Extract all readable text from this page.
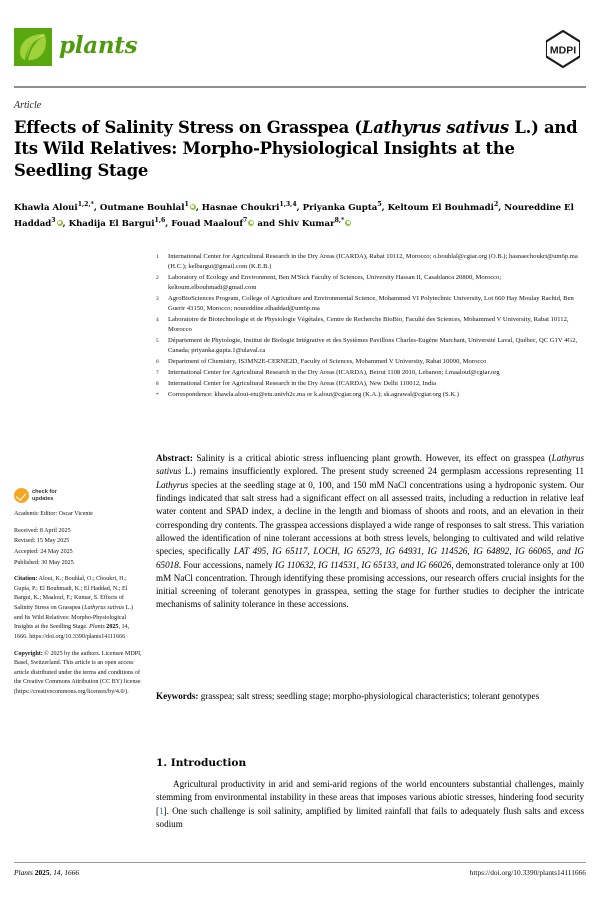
plants	MDPI
Article
Effects of Salinity Stress on Grasspea (Lathyrus sativus L.) and Its Wild Relatives: Morpho-Physiological Insights at the Seedling Stage
Khawla Aloui$^{1,2,*}$, Outmane Bouhlal$^1$ , Hasnae Choukri$^{1,3,4}$, Priyanka Gupta$^5$, Keltoum El Bouhmadi$^2$, Noureddine El Haddad$^3$ , Khadija El Bargui$^{1,6}$, Fouad Maalouf$^7$ and Shiv Kumar$^{8,*}$
1	International Center for Agricultural Research in the Dry Areas (ICARDA), Rabat 10112, Morocco; o.bouhlal@cgiar.org (O.B.); hasnaechoukri@um6p.ma (H.C.); kelbargui@gmail.com (K.E.B.)
2	Laboratory of Ecology and Environment, Ben M'Sick Faculty of Sciences, University Hassan II, Casablanca 20800, Morocco; keltoum.elbouhmadi@gmail.com
3	AgroBioSciences Program, College of Agriculture and Environmental Science, Mohammed VI Polytechnic University, Lot 660 Hay Moulay Rachid, Ben Guerir 43150, Morocco; noureddine.elhaddad@um6p.ma
4	Laboratoire de Biotechnologie et de Physiologie Végétales, Centre de Recherche BioBio, Faculté des Sciences, Mohammed V University, Rabat 10112, Morocco
5	Département de Phytologie, Institut de Biologie Intégrative et des Systèmes Pavillons Charles-Eugène Marchant, Université Laval, Québec, QC G1V 4G2, Canada; priyanka.gupta.1@ulaval.ca
6	Department of Chemistry, IS3MN2E-CERNE2D, Faculty of Sciences, Mohammed V University, Rabat 10090, Morocco
7	International Center for Agricultural Research in the Dry Areas (ICARDA), Beirut 1108 2010, Lebanon; f.maalouf@cgiar.org
8	International Center for Agricultural Research in the Dry Areas (ICARDA), New Delhi 110012, India
*	Correspondence: khawla.aloui-etu@etu.univh2c.ma or k.aloui@cgiar.org (K.A.); sk.agrawal@cgiar.org (S.K.)
check for
updates
Academic Editor: Oscar Vicente
Received: 8 April 2025
Revised: 15 May 2025
Accepted: 24 May 2025
Published: 30 May 2025
Citation: Aloui, K.; Bouhlal, O.; Choukri, H.; Gupta, P.; El Bouhmadi, K.; El Haddad, N.; El Bargui, K.; Maalouf, F.; Kumar, S. Effects of Salinity Stress on Grasspea (Lathyrus sativus L.) and Its Wild Relatives: Morpho-Physiological Insights at the Seedling Stage. Plants 2025, 14, 1666. https://doi.org/10.3390/plants14111666
Copyright: © 2025 by the authors. Licensee MDPI, Basel, Switzerland. This article is an open access article distributed under the terms and conditions of the Creative Commons Attribution (CC BY) license (https://creativecommons.org/licenses/by/4.0/).
Abstract: Salinity is a critical abiotic stress influencing plant growth. However, its effect on grasspea (Lathyrus sativus L.) remains insufficiently explored. The present study screened 24 germplasm accessions representing 11 Lathyrus species at the seedling stage at 0, 100, and 150 mM NaCl concentrations using a hydroponic system. Our findings indicated that salt stress had a significant effect on all assessed traits, including a reduction in relative leaf water content and SPAD index, a decline in the length and biomass of shoots and roots, and an elevation in their corresponding dry contents. The grasspea accessions displayed a wide range of responses to salt stress. This variation allowed the identification of nine tolerant accessions at both stress levels, belonging to cultivated and wild relative species, specifically LAT 495, IG 65117, LOCH, IG 65273, IG 64931, IG 114526, IG 64892, IG 66065, and IG 65018. Four accessions, namely IG 110632, IG 114531, IG 65133, and IG 66026, demonstrated tolerance only at 100 mM NaCl concentration. Through identifying these promising accessions, our research offers crucial insights for the initial screening of tolerant genotypes in grasspea, setting the stage for further studies to decipher the intricate mechanisms of salinity tolerance in these accessions.
Keywords: grasspea; salt stress; seedling stage; morpho-physiological characteristics; tolerant genotypes
1. Introduction
Agricultural productivity in arid and semi-arid regions of the world encounters substantial challenges, mainly stemming from environmental instability in these areas that imposes various abiotic stresses, hindering food security [1]. One such challenge is soil salinity, amplified by limited rainfall that fails to adequately flush salts and excess sodium
Plants 2025, 14, 1666	https://doi.org/10.3390/plants14111666
